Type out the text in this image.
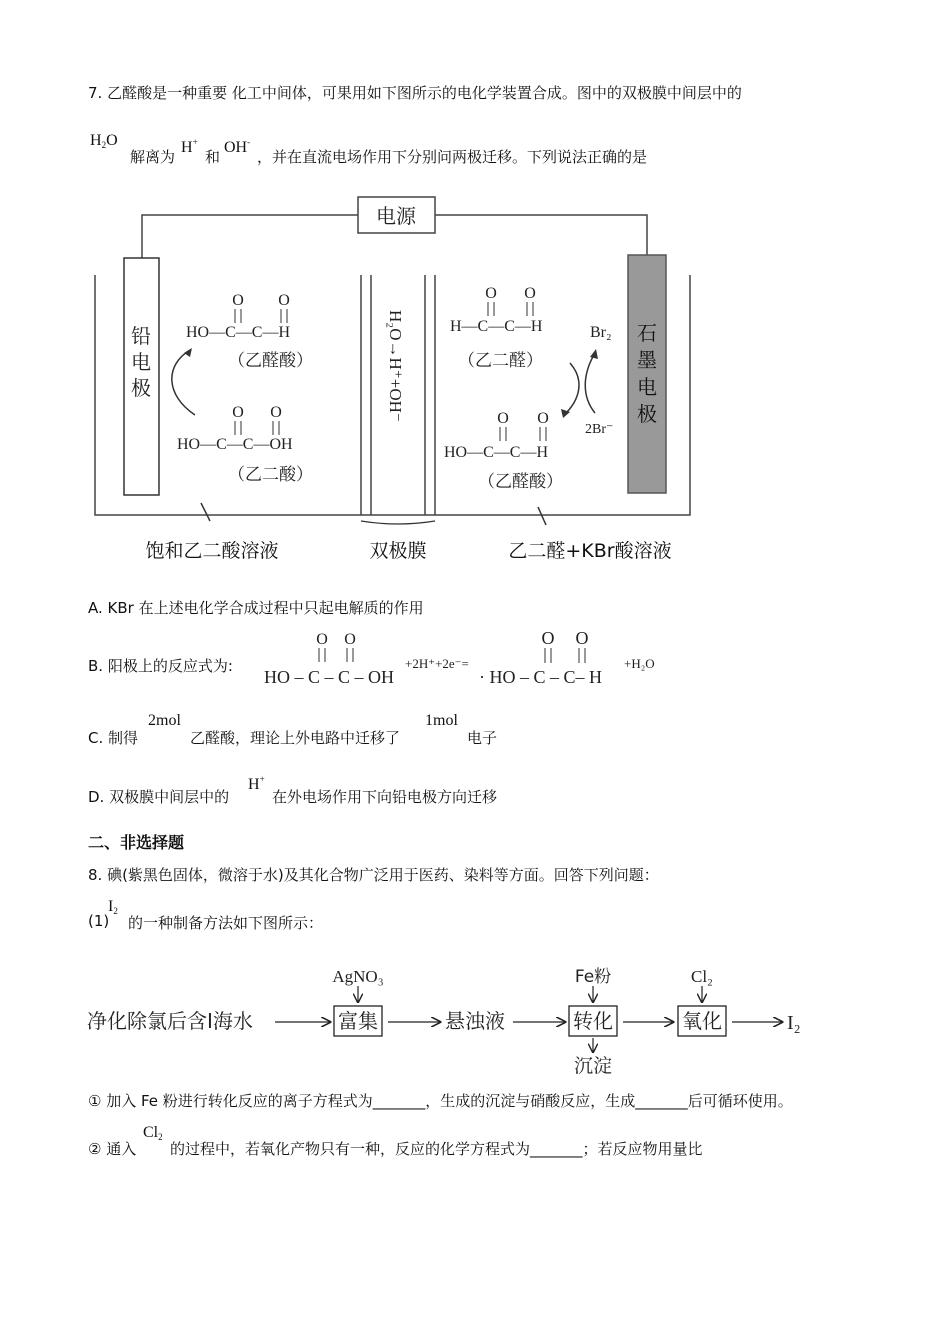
7. 乙醛酸是一种重要 化工中间体，可果用如下图所示的电化学装置合成。图中的双极膜中间层中的
$H_2O$
解离为
H+
和
OH-
，并在直流电场作用下分别问两极迁移。下列说法正确的是
电源
铅电极
石墨电极
H₂O→H⁺+OH⁻
O O
HO—C—C—H
（乙醛酸）
O O
HO—C—C—OH
（乙二酸）
O O
H—C—C—H
（乙二醛）
Br₂
2Br⁻
O O
HO—C—C—H
（乙醛酸）
饱和乙二酸溶液	双极膜	乙二醛+KBr酸溶液
A. KBr 在上述电化学合成过程中只起电解质的作用
B. 阳极上的反应式为:
O O
HO – C – C – OH
+2H⁺+2e⁻=
· HO – C – C– H
O O
+H₂O
C. 制得
2mol
乙醛酸，理论上外电路中迁移了
1mol
电子
D. 双极膜中间层中的
H+
在外电场作用下向铅电极方向迁移
二、非选择题
8. 碘(紫黑色固体，微溶于水)及其化合物广泛用于医药、染料等方面。回答下列问题：
(1)
$I_2$
的一种制备方法如下图所示：
净化除氯后含I海水
AgNO₃
富集	悬浊液
Fe粉
转化
沉淀
Cl₂
氧化	I₂
① 加入 Fe 粉进行转化反应的离子方程式为_______，生成的沉淀与硝酸反应，生成_______后可循环使用。
② 通入
$Cl_2$
的过程中，若氧化产物只有一种，反应的化学方程式为_______；若反应物用量比
